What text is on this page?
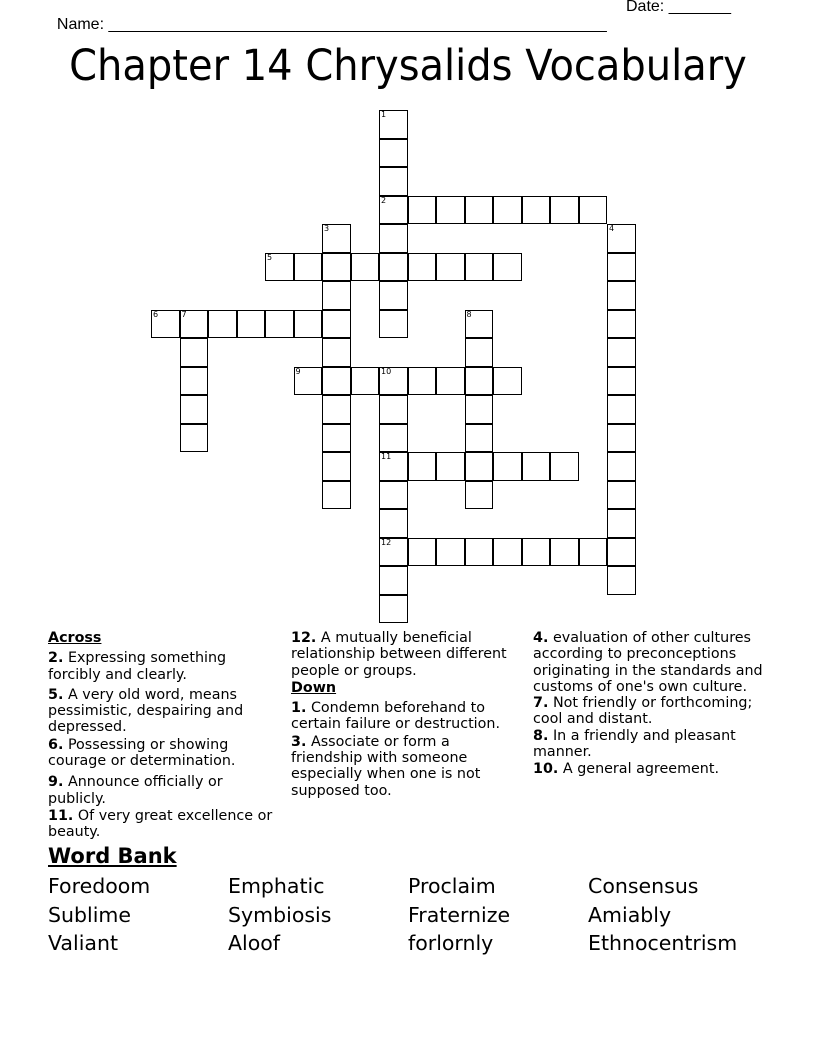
Name: ________________________________________________________

Date: _______

Chapter 14 Chrysalids Vocabulary
1
2
3	4
5
6	7	8
9	10
11
12
Across
2. Expressing something forcibly and clearly.
5. A very old word, means pessimistic, despairing and depressed.
6. Possessing or showing courage or determination.
9. Announce officially or publicly.
11. Of very great excellence or beauty.
12. A mutually beneficial relationship between different people or groups.
Down
1. Condemn beforehand to certain failure or destruction.
3. Associate or form a friendship with someone especially when one is not supposed too.
4. evaluation of other cultures according to preconceptions originating in the standards and customs of one's own culture.
7. Not friendly or forthcoming; cool and distant.
8. In a friendly and pleasant manner.
10. A general agreement.
Word Bank
Foredoom	Emphatic	Proclaim	Consensus
Sublime	Symbiosis	Fraternize	Amiably
Valiant	Aloof	forlornly	Ethnocentrism
